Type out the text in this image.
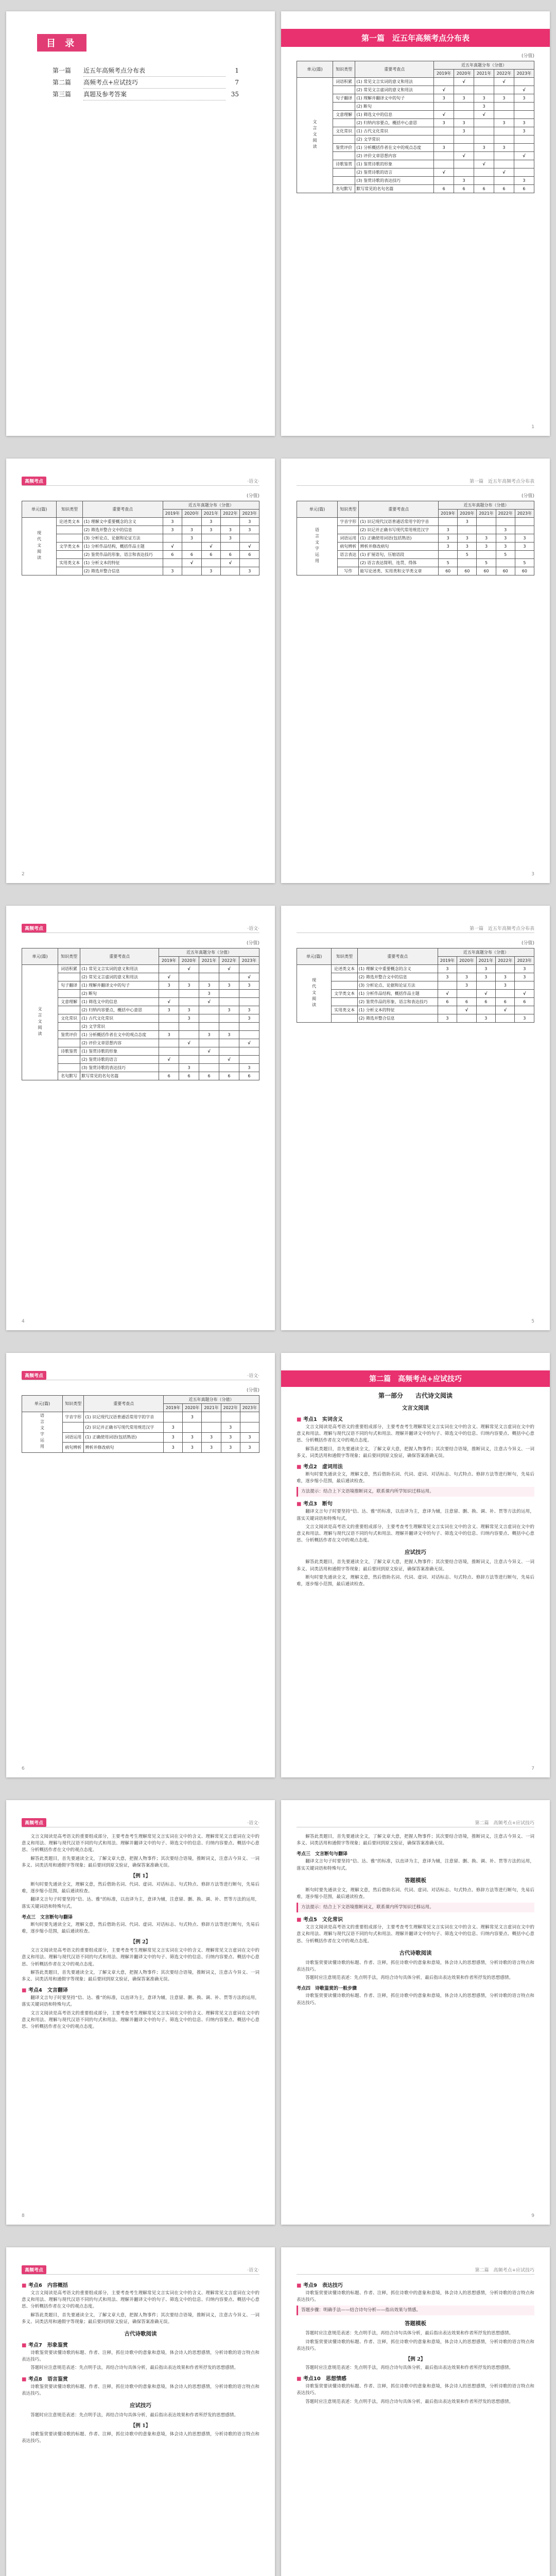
目 录
第一篇	近五年高频考点分布表	1
第二篇	高频考点+应试技巧	7
第三篇	真题及参考答案	35
第一篇　近五年高频考点分布表
(分值)
单元(篇)	知识类型	重要考查点	近五年真题分布（分值）				
			2019年	2020年	2021年	2022年	2023年
文言文阅读	词语积累	(1) 常见文言实词的意义和用法		√		√	
		(2) 常见文言虚词的意义和用法	√				√
	句子翻译	(1) 理解并翻译文中的句子	3	3	3	3	3
		(2) 断句			3		
	文意理解	(1) 筛选文中的信息	√		√		
		(2) 归纳内容要点，概括中心意思	3	3		3	3
	文化常识	(1) 古代文化常识		3			3
		(2) 文学常识					
	鉴赏评价	(1) 分析概括作者在文中的观点态度	3		3	3	
		(2) 评价文章思想内容		√			√
	诗歌鉴赏	(1) 鉴赏诗歌的形象			√		
		(2) 鉴赏诗歌的语言	√			√	
		(3) 鉴赏诗歌的表达技巧		3			3
	名句默写	默写常见的名句名篇	6	6	6	6	6
1
高频考点	·语文·
(分值)
单元(篇)	知识类型	重要考查点	近五年真题分布（分值）				
			2019年	2020年	2021年	2022年	2023年
现代文阅读	论述类文本	(1) 理解文中重要概念的含义	3		3		3
		(2) 筛选并整合文中的信息	3	3	3	3	3
		(3) 分析论点、论据和论证方法		3		3	
	文学类文本	(1) 分析作品结构，概括作品主题	√		√		√
		(2) 鉴赏作品的形象、语言和表达技巧	6	6	6	6	6
	实用类文本	(1) 分析文本的特征		√		√	
		(2) 筛选并整合信息	3		3		3
2
第一篇　近五年高频考点分布表
(分值)
单元(篇)	知识类型	重要考查点	近五年真题分布（分值）				
			2019年	2020年	2021年	2022年	2023年
语言文字运用	字音字形	(1) 识记现代汉语普通话常用字的字音		3			
		(2) 识记并正确书写现代常用规范汉字	3			3	
	词语运用	(1) 正确使用词语(包括熟语)	3	3	3	3	3
	病句辨析	辨析并修改病句	3	3	3	3	3
	语言表达	(1) 扩展语句，压缩语段		5		5	
		(2) 语言表达简明、连贯、得体	5		5		5
	写作	能写论述类、实用类和文学类文章	60	60	60	60	60
3
高频考点	·语文·
(分值)
单元(篇)	知识类型	重要考查点	近五年真题分布（分值）				
			2019年	2020年	2021年	2022年	2023年
文言文阅读	词语积累	(1) 常见文言实词的意义和用法		√		√	
		(2) 常见文言虚词的意义和用法	√				√
	句子翻译	(1) 理解并翻译文中的句子	3	3	3	3	3
		(2) 断句			3		
	文意理解	(1) 筛选文中的信息	√		√		
		(2) 归纳内容要点，概括中心意思	3	3		3	3
	文化常识	(1) 古代文化常识		3			3
		(2) 文学常识					
	鉴赏评价	(1) 分析概括作者在文中的观点态度	3		3	3	
		(2) 评价文章思想内容		√			√
	诗歌鉴赏	(1) 鉴赏诗歌的形象			√		
		(2) 鉴赏诗歌的语言	√			√	
		(3) 鉴赏诗歌的表达技巧		3			3
	名句默写	默写常见的名句名篇	6	6	6	6	6
4
第一篇　近五年高频考点分布表
(分值)
单元(篇)	知识类型	重要考查点	近五年真题分布（分值）				
			2019年	2020年	2021年	2022年	2023年
现代文阅读	论述类文本	(1) 理解文中重要概念的含义	3		3		3
		(2) 筛选并整合文中的信息	3	3	3	3	3
		(3) 分析论点、论据和论证方法		3		3	
	文学类文本	(1) 分析作品结构，概括作品主题	√		√		√
		(2) 鉴赏作品的形象、语言和表达技巧	6	6	6	6	6
	实用类文本	(1) 分析文本的特征		√		√	
		(2) 筛选并整合信息	3		3		3
5
高频考点	·语文·
(分值)
单元(篇)	知识类型	重要考查点	近五年真题分布（分值）				
			2019年	2020年	2021年	2022年	2023年
语言文字运用	字音字形	(1) 识记现代汉语普通话常用字的字音		3			
		(2) 识记并正确书写现代常用规范汉字	3			3	
	词语运用	(1) 正确使用词语(包括熟语)	3	3	3	3	3
	病句辨析	辨析并修改病句	3	3	3	3	3
6
第二篇　高频考点+应试技巧
第一部分　　古代诗文阅读
文言文阅读
■ 考点1　实词含义

文言文阅读是高考语文的重要组成部分，主要考查考生理解常见文言实词在文中的含义、理解常见文言虚词在文中的意义和用法、理解与现代汉语不同的句式和用法、理解并翻译文中的句子、筛选文中的信息、归纳内容要点、概括中心意思、分析概括作者在文中的观点态度。

解答此类题目，首先要通读全文，了解文章大意，把握人物事件；其次要结合语境，推断词义，注意古今异义、一词多义、词类活用和通假字等现象；最后要回到原文验证，确保答案准确无误。

■ 考点2　虚词用法

断句时要先通读全文，理解文意，然后借助名词、代词、虚词、对话标志、句式特点、修辞方法等进行断句，先易后难，逐步缩小范围，最后通读检查。

方法提示：结合上下文语境推断词义，联系课内所学知识迁移运用。
■ 考点3　断句

翻译文言句子时要坚持“信、达、雅”的标准，以直译为主，意译为辅，注意留、删、换、调、补、贯等方法的运用，落实关键词语和特殊句式。

文言文阅读是高考语文的重要组成部分，主要考查考生理解常见文言实词在文中的含义、理解常见文言虚词在文中的意义和用法、理解与现代汉语不同的句式和用法、理解并翻译文中的句子、筛选文中的信息、归纳内容要点、概括中心意思、分析概括作者在文中的观点态度。

应试技巧

解答此类题目，首先要通读全文，了解文章大意，把握人物事件；其次要结合语境，推断词义，注意古今异义、一词多义、词类活用和通假字等现象；最后要回到原文验证，确保答案准确无误。

断句时要先通读全文，理解文意，然后借助名词、代词、虚词、对话标志、句式特点、修辞方法等进行断句，先易后难，逐步缩小范围，最后通读检查。

7
高频考点	·语文·

文言文阅读是高考语文的重要组成部分，主要考查考生理解常见文言实词在文中的含义、理解常见文言虚词在文中的意义和用法、理解与现代汉语不同的句式和用法、理解并翻译文中的句子、筛选文中的信息、归纳内容要点、概括中心意思、分析概括作者在文中的观点态度。

解答此类题目，首先要通读全文，了解文章大意，把握人物事件；其次要结合语境，推断词义，注意古今异义、一词多义、词类活用和通假字等现象；最后要回到原文验证，确保答案准确无误。

【例 1】

断句时要先通读全文，理解文意，然后借助名词、代词、虚词、对话标志、句式特点、修辞方法等进行断句，先易后难，逐步缩小范围，最后通读检查。

翻译文言句子时要坚持“信、达、雅”的标准，以直译为主，意译为辅，注意留、删、换、调、补、贯等方法的运用，落实关键词语和特殊句式。

考点三　文言断句与翻译

断句时要先通读全文，理解文意，然后借助名词、代词、虚词、对话标志、句式特点、修辞方法等进行断句，先易后难，逐步缩小范围，最后通读检查。

【例 2】

文言文阅读是高考语文的重要组成部分，主要考查考生理解常见文言实词在文中的含义、理解常见文言虚词在文中的意义和用法、理解与现代汉语不同的句式和用法、理解并翻译文中的句子、筛选文中的信息、归纳内容要点、概括中心意思、分析概括作者在文中的观点态度。

解答此类题目，首先要通读全文，了解文章大意，把握人物事件；其次要结合语境，推断词义，注意古今异义、一词多义、词类活用和通假字等现象；最后要回到原文验证，确保答案准确无误。

■ 考点4　文言翻译

翻译文言句子时要坚持“信、达、雅”的标准，以直译为主，意译为辅，注意留、删、换、调、补、贯等方法的运用，落实关键词语和特殊句式。

文言文阅读是高考语文的重要组成部分，主要考查考生理解常见文言实词在文中的含义、理解常见文言虚词在文中的意义和用法、理解与现代汉语不同的句式和用法、理解并翻译文中的句子、筛选文中的信息、归纳内容要点、概括中心意思、分析概括作者在文中的观点态度。

8
第二篇　高频考点+应试技巧

解答此类题目，首先要通读全文，了解文章大意，把握人物事件；其次要结合语境，推断词义，注意古今异义、一词多义、词类活用和通假字等现象；最后要回到原文验证，确保答案准确无误。

考点三　文言断句与翻译

翻译文言句子时要坚持“信、达、雅”的标准，以直译为主，意译为辅，注意留、删、换、调、补、贯等方法的运用，落实关键词语和特殊句式。

答题模板

断句时要先通读全文，理解文意，然后借助名词、代词、虚词、对话标志、句式特点、修辞方法等进行断句，先易后难，逐步缩小范围，最后通读检查。

方法提示：结合上下文语境推断词义，联系课内所学知识迁移运用。
■ 考点5　文化常识

文言文阅读是高考语文的重要组成部分，主要考查考生理解常见文言实词在文中的含义、理解常见文言虚词在文中的意义和用法、理解与现代汉语不同的句式和用法、理解并翻译文中的句子、筛选文中的信息、归纳内容要点、概括中心意思、分析概括作者在文中的观点态度。

古代诗歌阅读

诗歌鉴赏要读懂诗歌的标题、作者、注释，抓住诗歌中的意象和意境，体会诗人的思想感情，分析诗歌的语言特点和表达技巧。

答题时应注意规范表述：先点明手法，再结合诗句具体分析，最后指出表达效果和作者所抒发的思想感情。

考点四　诗歌鉴赏的一般步骤

诗歌鉴赏要读懂诗歌的标题、作者、注释，抓住诗歌中的意象和意境，体会诗人的思想感情，分析诗歌的语言特点和表达技巧。

9
高频考点	·语文·
■ 考点6　内容概括

文言文阅读是高考语文的重要组成部分，主要考查考生理解常见文言实词在文中的含义、理解常见文言虚词在文中的意义和用法、理解与现代汉语不同的句式和用法、理解并翻译文中的句子、筛选文中的信息、归纳内容要点、概括中心意思、分析概括作者在文中的观点态度。

解答此类题目，首先要通读全文，了解文章大意，把握人物事件；其次要结合语境，推断词义，注意古今异义、一词多义、词类活用和通假字等现象；最后要回到原文验证，确保答案准确无误。

古代诗歌阅读
■ 考点7　形象鉴赏

诗歌鉴赏要读懂诗歌的标题、作者、注释，抓住诗歌中的意象和意境，体会诗人的思想感情，分析诗歌的语言特点和表达技巧。

答题时应注意规范表述：先点明手法，再结合诗句具体分析，最后指出表达效果和作者所抒发的思想感情。

■ 考点8　语言鉴赏

诗歌鉴赏要读懂诗歌的标题、作者、注释，抓住诗歌中的意象和意境，体会诗人的思想感情，分析诗歌的语言特点和表达技巧。

应试技巧

答题时应注意规范表述：先点明手法，再结合诗句具体分析，最后指出表达效果和作者所抒发的思想感情。

【例 1】

诗歌鉴赏要读懂诗歌的标题、作者、注释，抓住诗歌中的意象和意境，体会诗人的思想感情，分析诗歌的语言特点和表达技巧。

第二篇　高频考点+应试技巧
■ 考点9　表达技巧

诗歌鉴赏要读懂诗歌的标题、作者、注释，抓住诗歌中的意象和意境，体会诗人的思想感情，分析诗歌的语言特点和表达技巧。

答题步骤：明确手法——结合诗句分析——指出效果与情感。
答题模板

答题时应注意规范表述：先点明手法，再结合诗句具体分析，最后指出表达效果和作者所抒发的思想感情。

诗歌鉴赏要读懂诗歌的标题、作者、注释，抓住诗歌中的意象和意境，体会诗人的思想感情，分析诗歌的语言特点和表达技巧。

【例 2】

答题时应注意规范表述：先点明手法，再结合诗句具体分析，最后指出表达效果和作者所抒发的思想感情。

■ 考点10　思想情感

诗歌鉴赏要读懂诗歌的标题、作者、注释，抓住诗歌中的意象和意境，体会诗人的思想感情，分析诗歌的语言特点和表达技巧。

答题时应注意规范表述：先点明手法，再结合诗句具体分析，最后指出表达效果和作者所抒发的思想感情。
